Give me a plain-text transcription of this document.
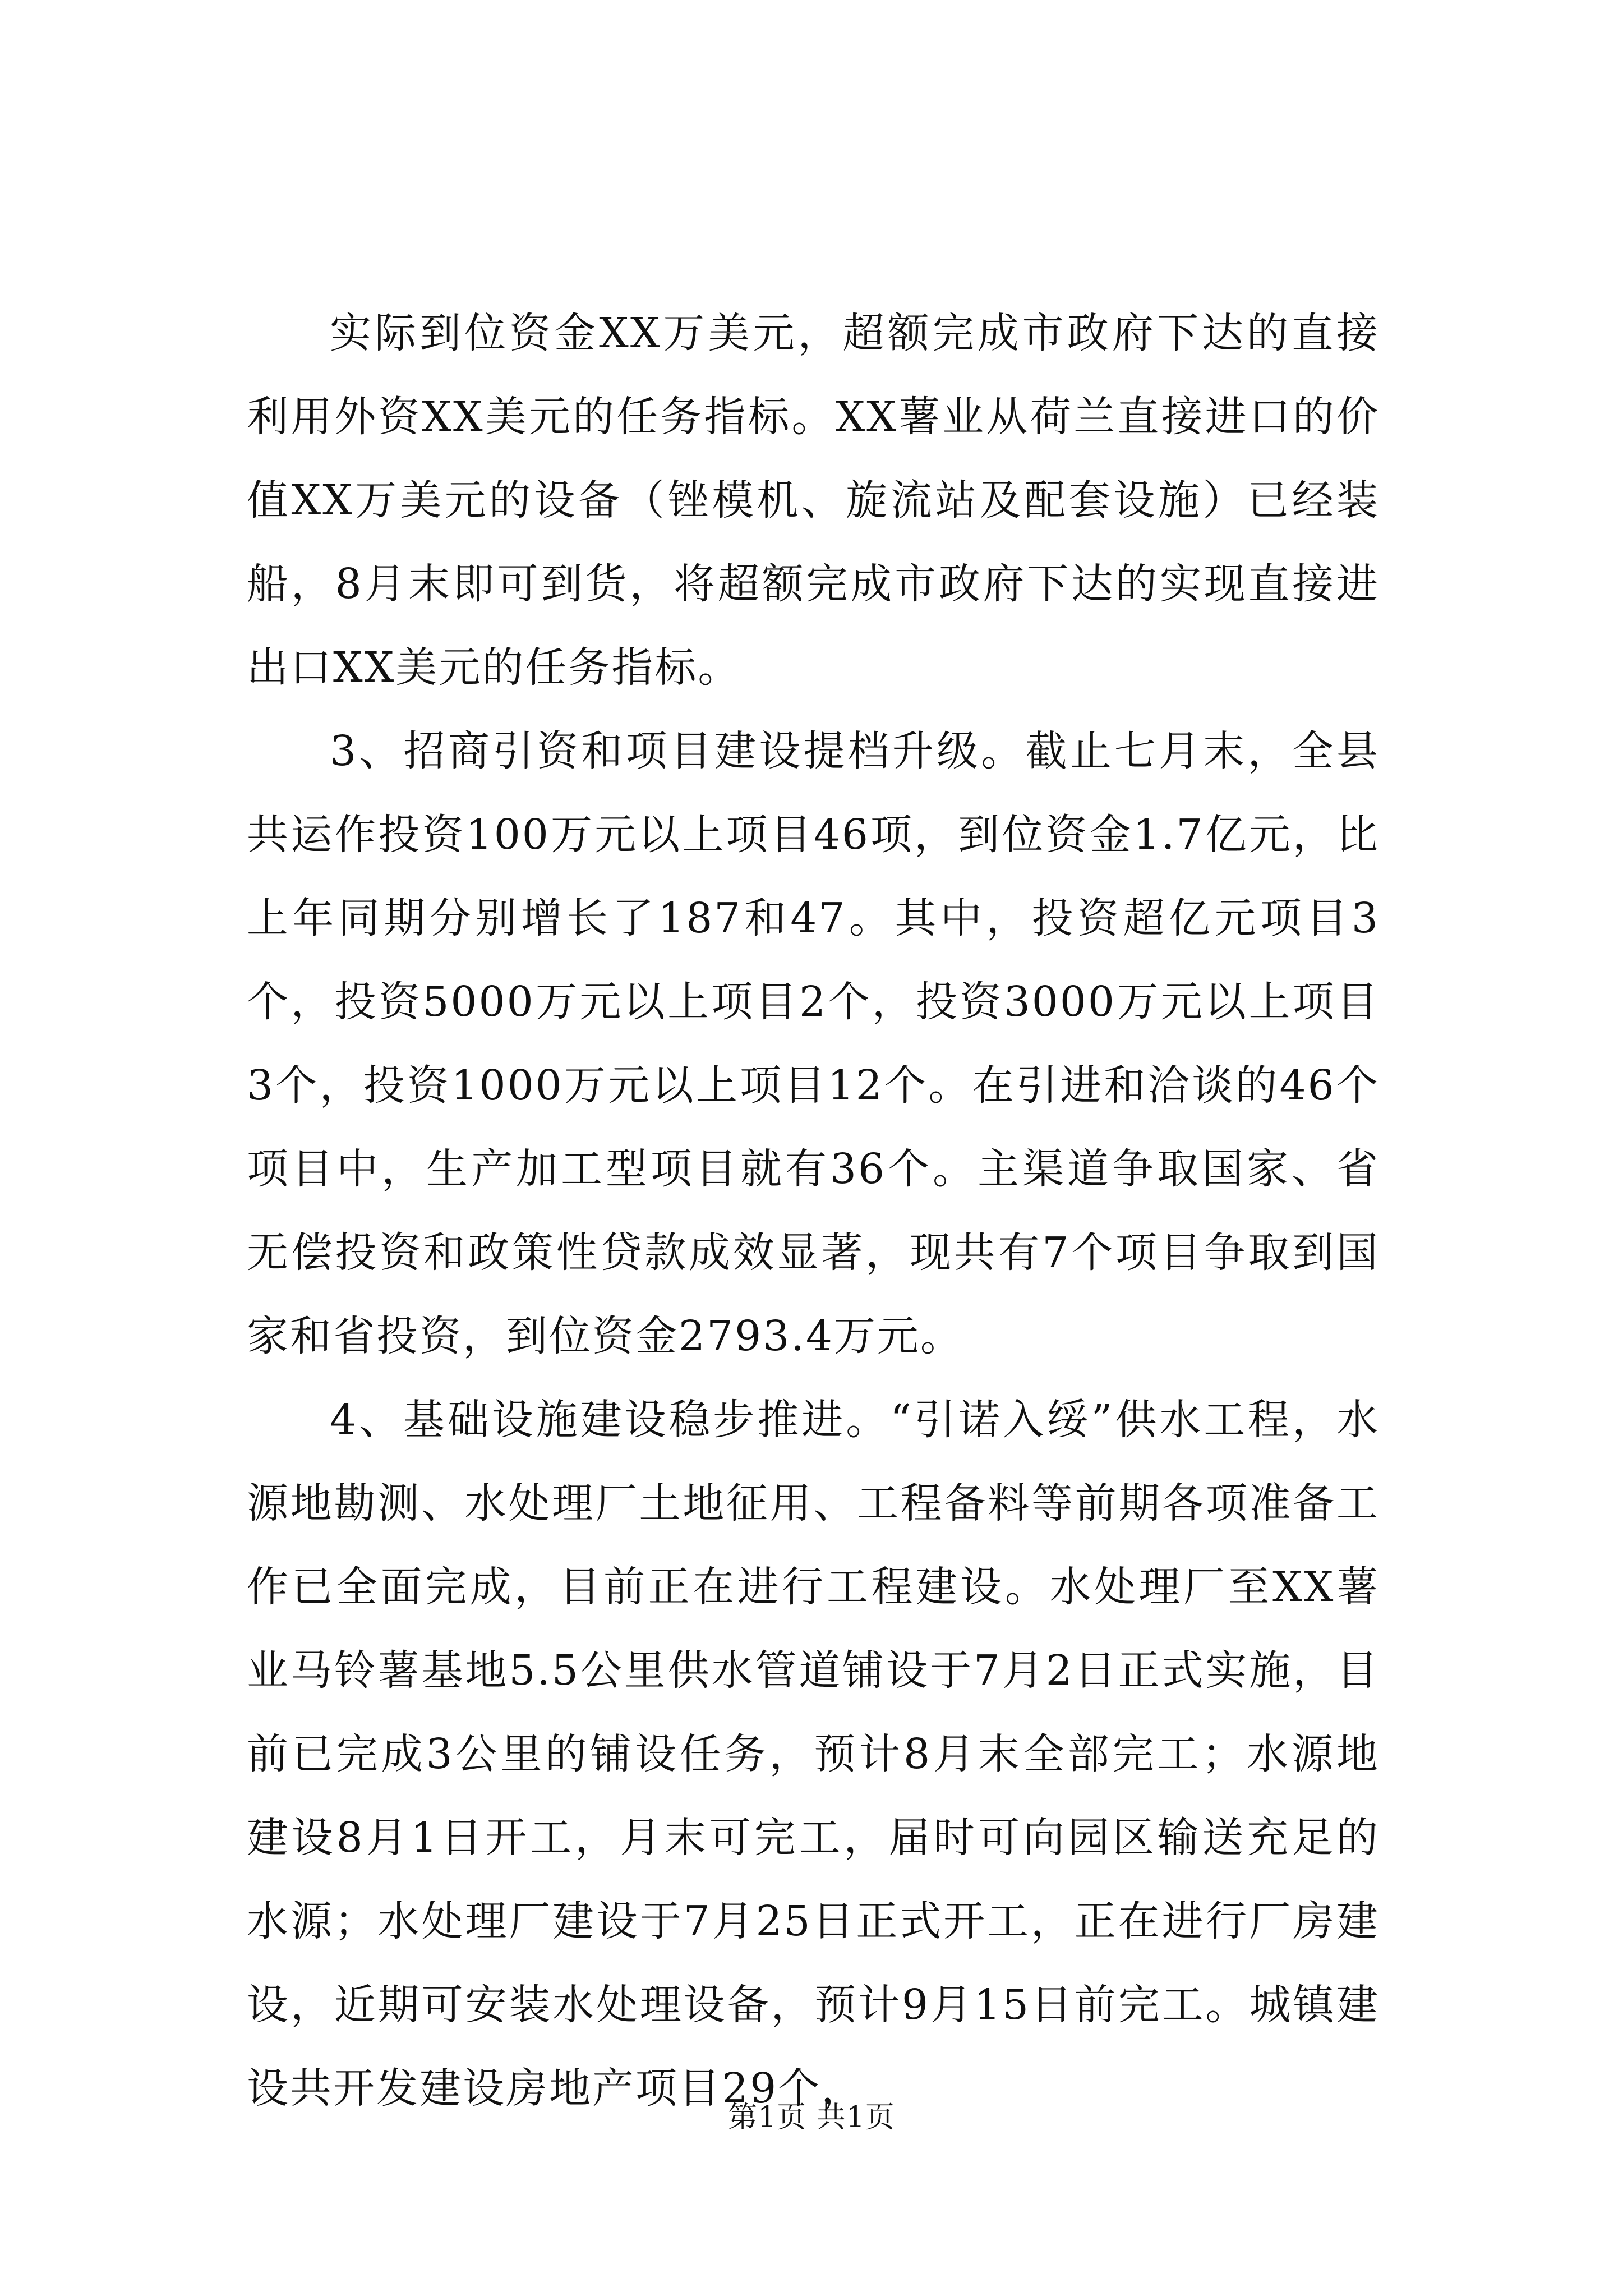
实际到位资金XX万美元，超额完成市政府下达的直接利用外资XX美元的任务指标。XX薯业从荷兰直接进口的价值XX万美元的设备（锉模机、旋流站及配套设施）已经装船，8月末即可到货，将超额完成市政府下达的实现直接进出口XX美元的任务指标。

3、招商引资和项目建设提档升级。截止七月末，全县共运作投资100万元以上项目46项，到位资金1.7亿元，比上年同期分别增长了187和47。其中，投资超亿元项目3个，投资5000万元以上项目2个，投资3000万元以上项目3个，投资1000万元以上项目12个。在引进和洽谈的46个项目中，生产加工型项目就有36个。主渠道争取国家、省无偿投资和政策性贷款成效显著，现共有7个项目争取到国家和省投资，到位资金2793.4万元。

4、基础设施建设稳步推进。“引诺入绥”供水工程，水源地勘测、水处理厂土地征用、工程备料等前期各项准备工作已全面完成，目前正在进行工程建设。水处理厂至XX薯业马铃薯基地5.5公里供水管道铺设于7月2日正式实施，目前已完成3公里的铺设任务，预计8月末全部完工；水源地建设8月1日开工，月末可完工，届时可向园区输送充足的水源；水处理厂建设于7月25日正式开工，正在进行厂房建设，近期可安装水处理设备，预计9月15日前完工。城镇建设共开发建设房地产项目29个，

第1页 共1页
